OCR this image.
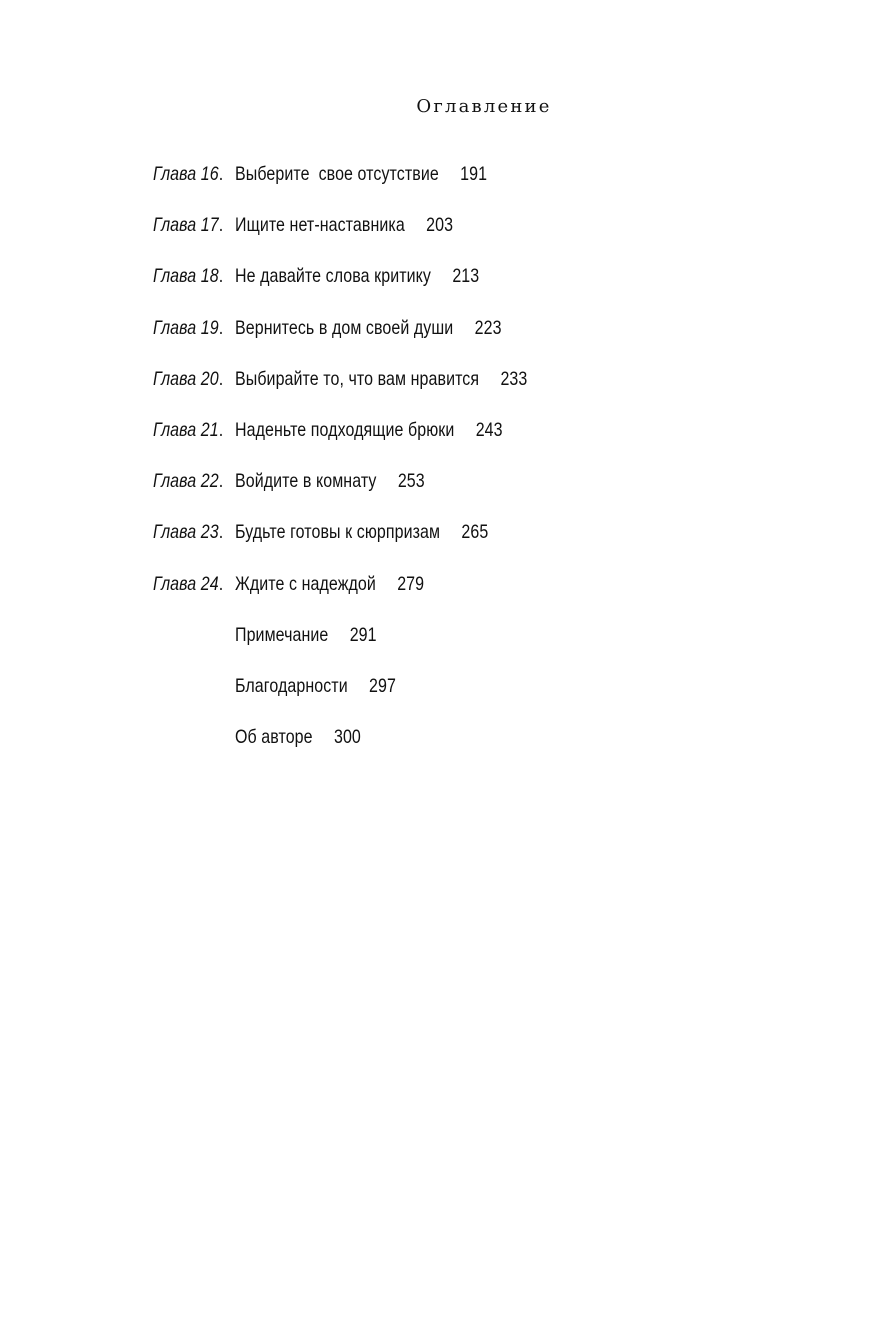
Оглавление
Глава 16. Выберите  свое отсутствие 191
Глава 17. Ищите нет-наставника 203
Глава 18. Не давайте слова критику 213
Глава 19. Вернитесь в дом своей души 223
Глава 20. Выбирайте то, что вам нравится 233
Глава 21. Наденьте подходящие брюки 243
Глава 22. Войдите в комнату 253
Глава 23. Будьте готовы к сюрпризам 265
Глава 24. Ждите с надеждой 279
Примечание 291
Благодарности 297
Об авторе 300
